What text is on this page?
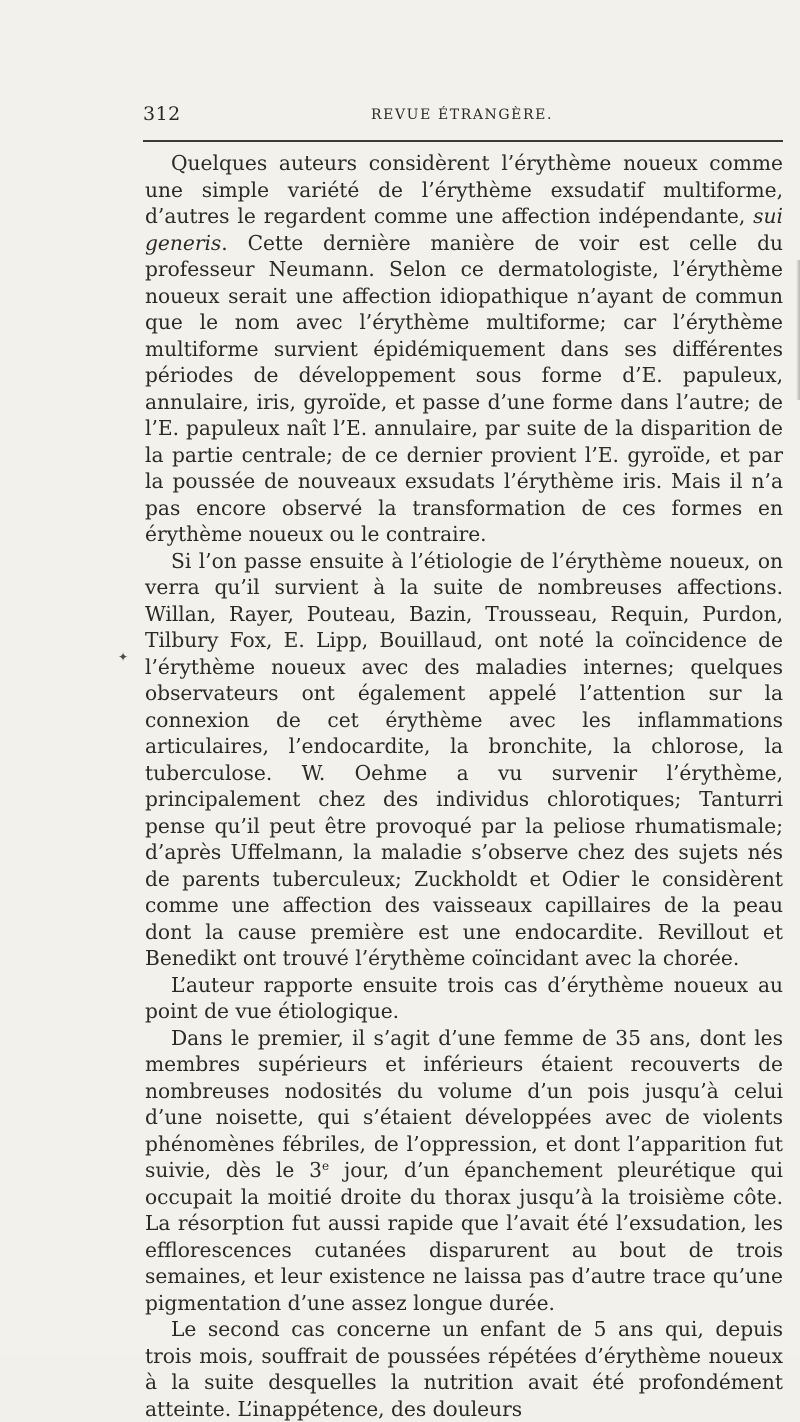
312	REVUE ÉTRANGÈRE.
✦

Quelques auteurs considèrent l’érythème noueux comme une simple variété de l’érythème exsudatif multiforme, d’autres le regardent comme une affection indépendante, sui generis. Cette dernière manière de voir est celle du professeur Neumann. Selon ce dermatologiste, l’érythème noueux serait une affection idiopathique n’ayant de commun que le nom avec l’érythème multiforme; car l’érythème multiforme survient épidémiquement dans ses différentes périodes de développement sous forme d’E. papuleux, annulaire, iris, gyroïde, et passe d’une forme dans l’autre; de l’E. papuleux naît l’E. annulaire, par suite de la disparition de la partie centrale; de ce dernier provient l’E. gyroïde, et par la poussée de nouveaux exsudats l’érythème iris. Mais il n’a pas encore observé la transformation de ces formes en érythème noueux ou le contraire.

Si l’on passe ensuite à l’étiologie de l’érythème noueux, on verra qu’il survient à la suite de nombreuses affections. Willan, Rayer, Pouteau, Bazin, Trousseau, Requin, Purdon, Tilbury Fox, E. Lipp, Bouillaud, ont noté la coïncidence de l’érythème noueux avec des maladies internes; quelques observateurs ont également appelé l’attention sur la connexion de cet érythème avec les inflammations articulaires, l’endocardite, la bronchite, la chlorose, la tuberculose. W. Oehme a vu survenir l’érythème, principalement chez des individus chlorotiques; Tanturri pense qu’il peut être provoqué par la peliose rhumatismale; d’après Uffelmann, la maladie s’observe chez des sujets nés de parents tuberculeux; Zuckholdt et Odier le considèrent comme une affection des vaisseaux capillaires de la peau dont la cause première est une endocardite. Revillout et Benedikt ont trouvé l’érythème coïncidant avec la chorée.

L’auteur rapporte ensuite trois cas d’érythème noueux au point de vue étiologique.

Dans le premier, il s’agit d’une femme de 35 ans, dont les membres supérieurs et inférieurs étaient recouverts de nombreuses nodosités du volume d’un pois jusqu’à celui d’une noisette, qui s’étaient développées avec de violents phénomènes fébriles, de l’oppression, et dont l’apparition fut suivie, dès le 3e jour, d’un épanchement pleurétique qui occupait la moitié droite du thorax jusqu’à la troisième côte. La résorption fut aussi rapide que l’avait été l’exsudation, les efflorescences cutanées disparurent au bout de trois semaines, et leur existence ne laissa pas d’autre trace qu’une pigmentation d’une assez longue durée.

Le second cas concerne un enfant de 5 ans qui, depuis trois mois, souffrait de poussées répétées d’érythème noueux à la suite desquelles la nutrition avait été profondément atteinte. L’inappétence, des douleurs
